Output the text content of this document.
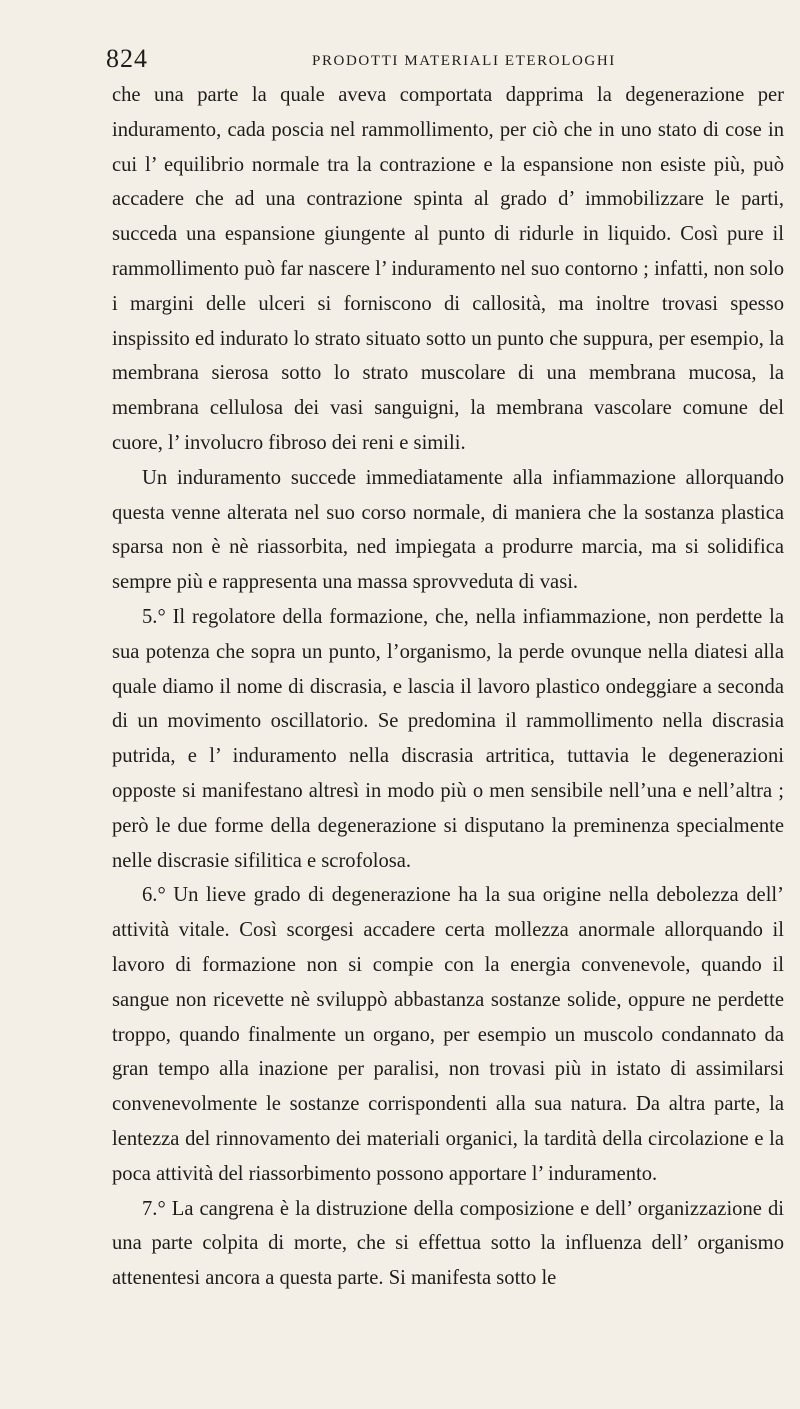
824	PRODOTTI MATERIALI ETEROLOGHI

che una parte la quale aveva comportata dapprima la degenerazione per induramento, cada poscia nel rammollimento, per ciò che in uno stato di cose in cui l’ equilibrio normale tra la contrazione e la espansione non esiste più, può accadere che ad una contrazione spinta al grado d’ immobilizzare le parti, succeda una espansione giungente al punto di ridurle in liquido. Così pure il rammollimento può far nascere l’ induramento nel suo contorno ; infatti, non solo i margini delle ulceri si forniscono di callosità, ma inoltre trovasi spesso inspissito ed indurato lo strato situato sotto un punto che suppura, per esempio, la membrana sierosa sotto lo strato muscolare di una membrana mucosa, la membrana cellulosa dei vasi sanguigni, la membrana vascolare comune del cuore, l’ involucro fibroso dei reni e simili.

Un induramento succede immediatamente alla infiammazione allorquando questa venne alterata nel suo corso normale, di maniera che la sostanza plastica sparsa non è nè riassorbita, ned impiegata a produrre marcia, ma si solidifica sempre più e rappresenta una massa sprovveduta di vasi.

5.° Il regolatore della formazione, che, nella infiammazione, non perdette la sua potenza che sopra un punto, l’organismo, la perde ovunque nella diatesi alla quale diamo il nome di discrasia, e lascia il lavoro plastico ondeggiare a seconda di un movimento oscillatorio. Se predomina il rammollimento nella discrasia putrida, e l’ induramento nella discrasia artritica, tuttavia le degenerazioni opposte si manifestano altresì in modo più o men sensibile nell’una e nell’altra ; però le due forme della degenerazione si disputano la preminenza specialmente nelle discrasie sifilitica e scrofolosa.

6.° Un lieve grado di degenerazione ha la sua origine nella debolezza dell’ attività vitale. Così scorgesi accadere certa mollezza anormale allorquando il lavoro di formazione non si compie con la energia convenevole, quando il sangue non ricevette nè sviluppò abbastanza sostanze solide, oppure ne perdette troppo, quando finalmente un organo, per esempio un muscolo condannato da gran tempo alla inazione per paralisi, non trovasi più in istato di assimilarsi convenevolmente le sostanze corrispondenti alla sua natura. Da altra parte, la lentezza del rinnovamento dei materiali organici, la tardità della circolazione e la poca attività del riassorbimento possono apportare l’ induramento.

7.° La cangrena è la distruzione della composizione e dell’ organizzazione di una parte colpita di morte, che si effettua sotto la influenza dell’ organismo attenentesi ancora a questa parte. Si manifesta sotto le
